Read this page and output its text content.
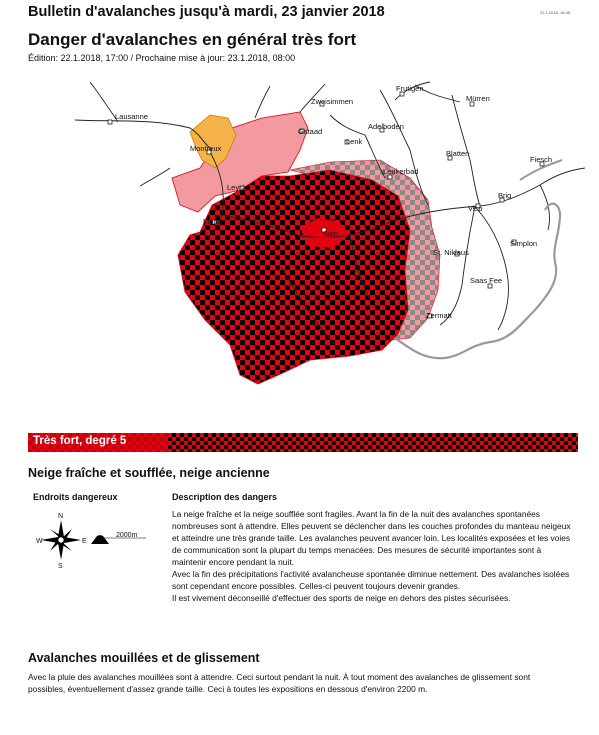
Bulletin d'avalanches jusqu'à mardi, 23 janvier 2018	22.1.2018, 16:45
Danger d'avalanches en général très fort
Édition: 22.1.2018, 17:00 / Prochaine mise à jour: 23.1.2018, 08:00
Lausanne
Montreux
Leysin
Mont
Zweisimmen
Gstaad
Lenk
Adelboden
Frutigen
Mürren
Leukerbad
Blatten
Fiesch
Brig
Visp
St. Niklaus
Simplon
Saas Fee
Zermatt
Sion
Très fort, degré 5
Neige fraîche et soufflée, neige ancienne
Endroits dangereux	Description des dangers
N
S
E
W
2000m

La neige fraîche et la neige soufflée sont fragiles. Avant la fin de la nuit des avalanches spontanées nombreuses sont à attendre. Elles peuvent se déclencher dans les couches profondes du manteau neigeux et atteindre une très grande taille. Les avalanches peuvent avancer loin. Les localités exposées et les voies de communication sont la plupart du temps menacées. Des mesures de sécurité importantes sont à maintenir encore pendant la nuit.

Avec la fin des précipitations l'activité avalancheuse spontanée diminue nettement. Des avalanches isolées sont cependant encore possibles. Celles-ci peuvent toujours devenir grandes.

Il est vivement déconseillé d'effectuer des sports de neige en dehors des pistes sécurisées.

Avalanches mouillées et de glissement
Avec la pluie des avalanches mouillées sont à attendre. Ceci surtout pendant la nuit. À tout moment des avalanches de glissement sont possibles, éventuellement d'assez grande taille. Ceci à toutes les expositions en dessous d'environ 2200 m.
